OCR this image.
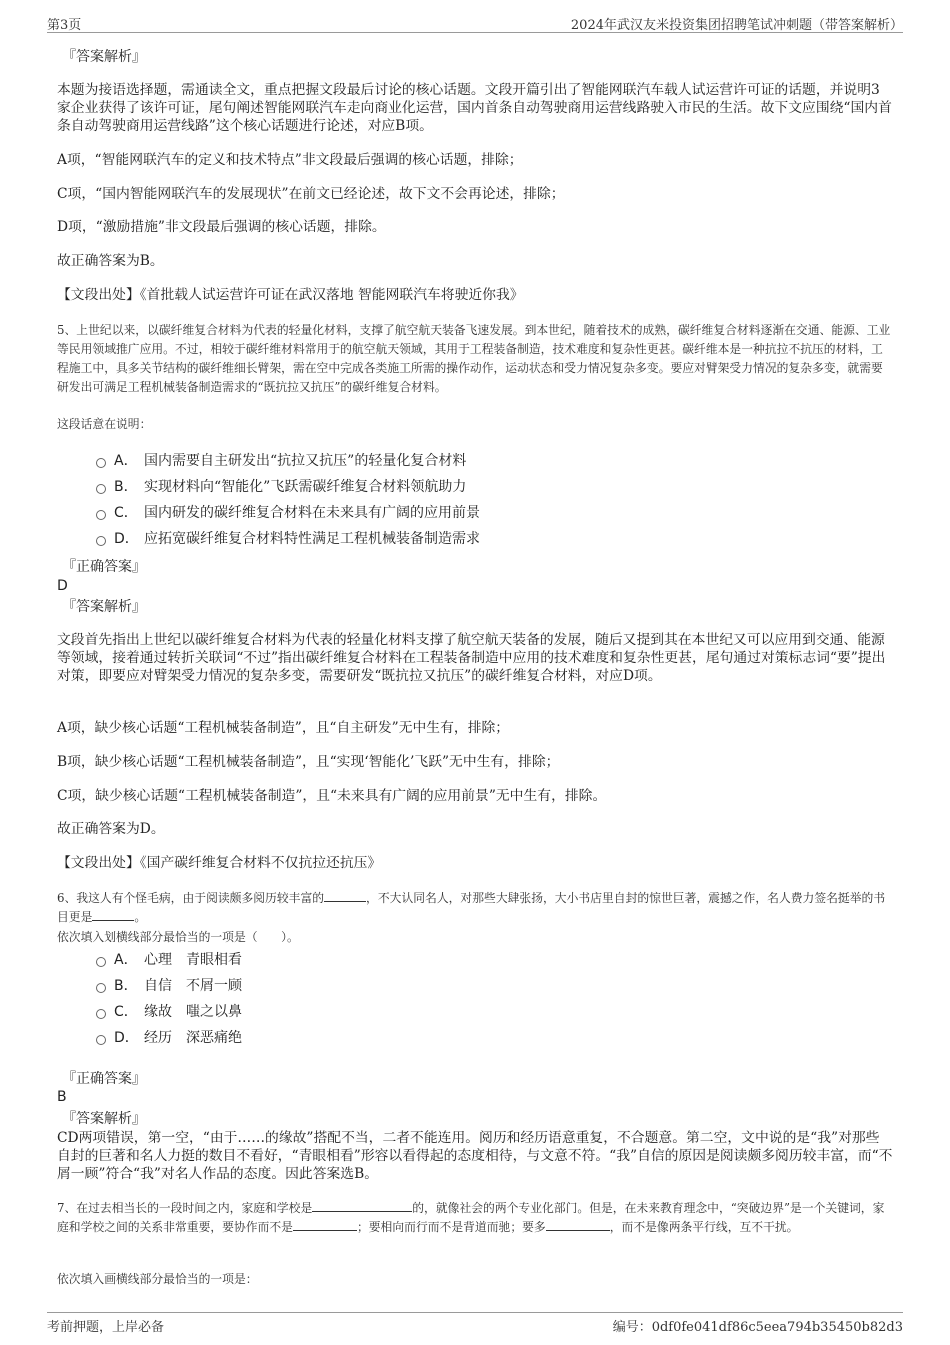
第3页	2024年武汉友米投资集团招聘笔试冲刺题（带答案解析）
『答案解析』

本题为接语选择题，需通读全文，重点把握文段最后讨论的核心话题。文段开篇引出了智能网联汽车载人试运营许可证的话题，并说明3家企业获得了该许可证，尾句阐述智能网联汽车走向商业化运营，国内首条自动驾驶商用运营线路驶入市民的生活。故下文应围绕“国内首条自动驾驶商用运营线路”这个核心话题进行论述，对应B项。

A项，“智能网联汽车的定义和技术特点”非文段最后强调的核心话题，排除；

C项，“国内智能网联汽车的发展现状”在前文已经论述，故下文不会再论述，排除；

D项，“激励措施”非文段最后强调的核心话题，排除。

故正确答案为B。

【文段出处】《首批载人试运营许可证在武汉落地 智能网联汽车将驶近你我》

5、上世纪以来，以碳纤维复合材料为代表的轻量化材料，支撑了航空航天装备飞速发展。到本世纪，随着技术的成熟，碳纤维复合材料逐渐在交通、能源、工业等民用领域推广应用。不过，相较于碳纤维材料常用于的航空航天领域，其用于工程装备制造，技术难度和复杂性更甚。碳纤维本是一种抗拉不抗压的材料，工程施工中，具多关节结构的碳纤维细长臂架，需在空中完成各类施工所需的操作动作，运动状态和受力情况复杂多变。要应对臂架受力情况的复杂多变，就需要研发出可满足工程机械装备制造需求的“既抗拉又抗压”的碳纤维复合材料。

这段话意在说明：

A． 国内需要自主研发出“抗拉又抗压”的轻量化复合材料
B． 实现材料向“智能化”飞跃需碳纤维复合材料领航助力
C． 国内研发的碳纤维复合材料在未来具有广阔的应用前景
D． 应拓宽碳纤维复合材料特性满足工程机械装备制造需求
『正确答案』
D
『答案解析』

文段首先指出上世纪以碳纤维复合材料为代表的轻量化材料支撑了航空航天装备的发展，随后又提到其在本世纪又可以应用到交通、能源等领域，接着通过转折关联词“不过”指出碳纤维复合材料在工程装备制造中应用的技术难度和复杂性更甚，尾句通过对策标志词“要”提出对策，即要应对臂架受力情况的复杂多变，需要研发“既抗拉又抗压”的碳纤维复合材料，对应D项。

A项，缺少核心话题“工程机械装备制造”，且“自主研发”无中生有，排除；

B项，缺少核心话题“工程机械装备制造”，且“实现‘智能化’飞跃”无中生有，排除；

C项，缺少核心话题“工程机械装备制造”，且“未来具有广阔的应用前景”无中生有，排除。

故正确答案为D。

【文段出处】《国产碳纤维复合材料不仅抗拉还抗压》

6、我这人有个怪毛病，由于阅读颇多阅历较丰富的	，不大认同名人，对那些大肆张扬，大小书店里自封的惊世巨著，震撼之作，名人费力签名挺举的书目更是	。

依次填入划横线部分最恰当的一项是（　　）。

A． 心理 青眼相看
B． 自信 不屑一顾
C． 缘故 嗤之以鼻
D． 经历 深恶痛绝
『正确答案』
B
『答案解析』

CD两项错误，第一空，“由于……的缘故”搭配不当，二者不能连用。阅历和经历语意重复，不合题意。第二空，文中说的是“我”对那些自封的巨著和名人力挺的数目不看好，“青眼相看”形容以看得起的态度相待，与文意不符。“我”自信的原因是阅读颇多阅历较丰富，而“不屑一顾”符合“我”对名人作品的态度。因此答案选B。

7、在过去相当长的一段时间之内，家庭和学校是	的，就像社会的两个专业化部门。但是，在未来教育理念中，“突破边界”是一个关键词，家庭和学校之间的关系非常重要，要协作而不是	；要相向而行而不是背道而驰；要多	，而不是像两条平行线，互不干扰。

依次填入画横线部分最恰当的一项是：

考前押题，上岸必备	编号：0df0fe041df86c5eea794b35450b82d3
